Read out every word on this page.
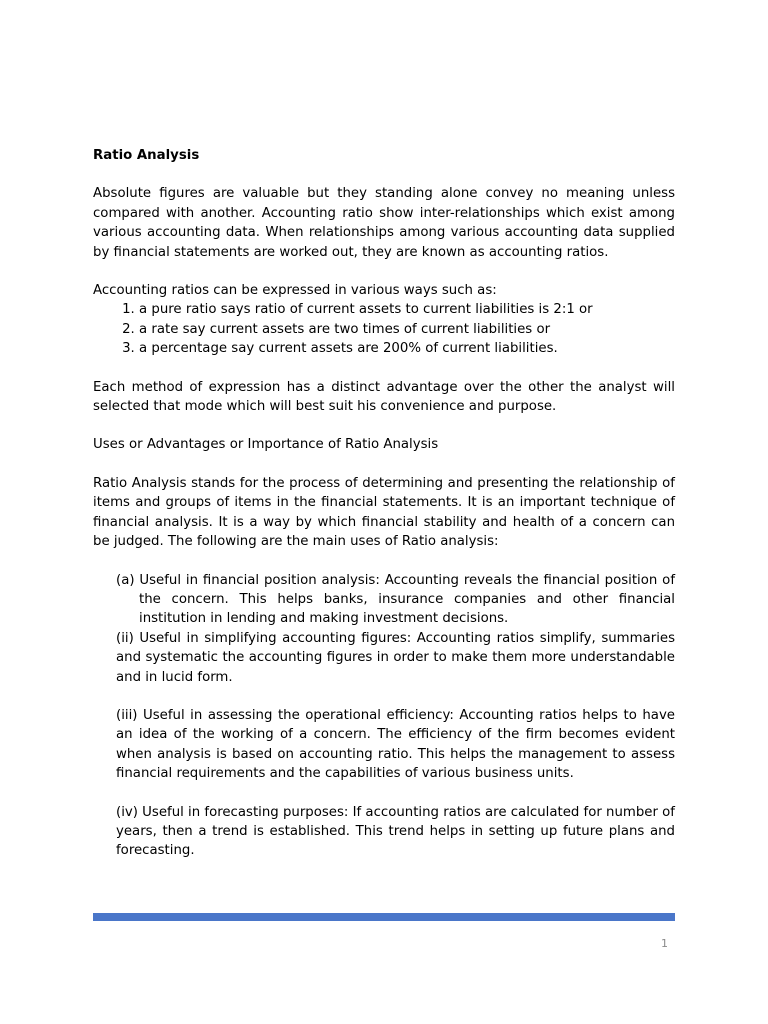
Ratio Analysis

Absolute figures are valuable but they standing alone convey no meaning unless compared with another. Accounting ratio show inter-relationships which exist among various accounting data. When relationships among various accounting data supplied by financial statements are worked out, they are known as accounting ratios.

Accounting ratios can be expressed in various ways such as:

1. a pure ratio says ratio of current assets to current liabilities is 2:1 or
2. a rate say current assets are two times of current liabilities or
3. a percentage say current assets are 200% of current liabilities.

Each method of expression has a distinct advantage over the other the analyst will selected that mode which will best suit his convenience and purpose.

Uses or Advantages or Importance of Ratio Analysis

Ratio Analysis stands for the process of determining and presenting the relationship of items and groups of items in the financial statements. It is an important technique of financial analysis. It is a way by which financial stability and health of a concern can be judged. The following are the main uses of Ratio analysis:

(a) Useful in financial position analysis: Accounting reveals the financial position of the concern. This helps banks, insurance companies and other financial institution in lending and making investment decisions.

(ii) Useful in simplifying accounting figures: Accounting ratios simplify, summaries and systematic the accounting figures in order to make them more understandable and in lucid form.

(iii) Useful in assessing the operational efficiency: Accounting ratios helps to have an idea of the working of a concern. The efficiency of the firm becomes evident when analysis is based on accounting ratio. This helps the management to assess financial requirements and the capabilities of various business units.

(iv) Useful in forecasting purposes: If accounting ratios are calculated for number of years, then a trend is established. This trend helps in setting up future plans and forecasting.

1
